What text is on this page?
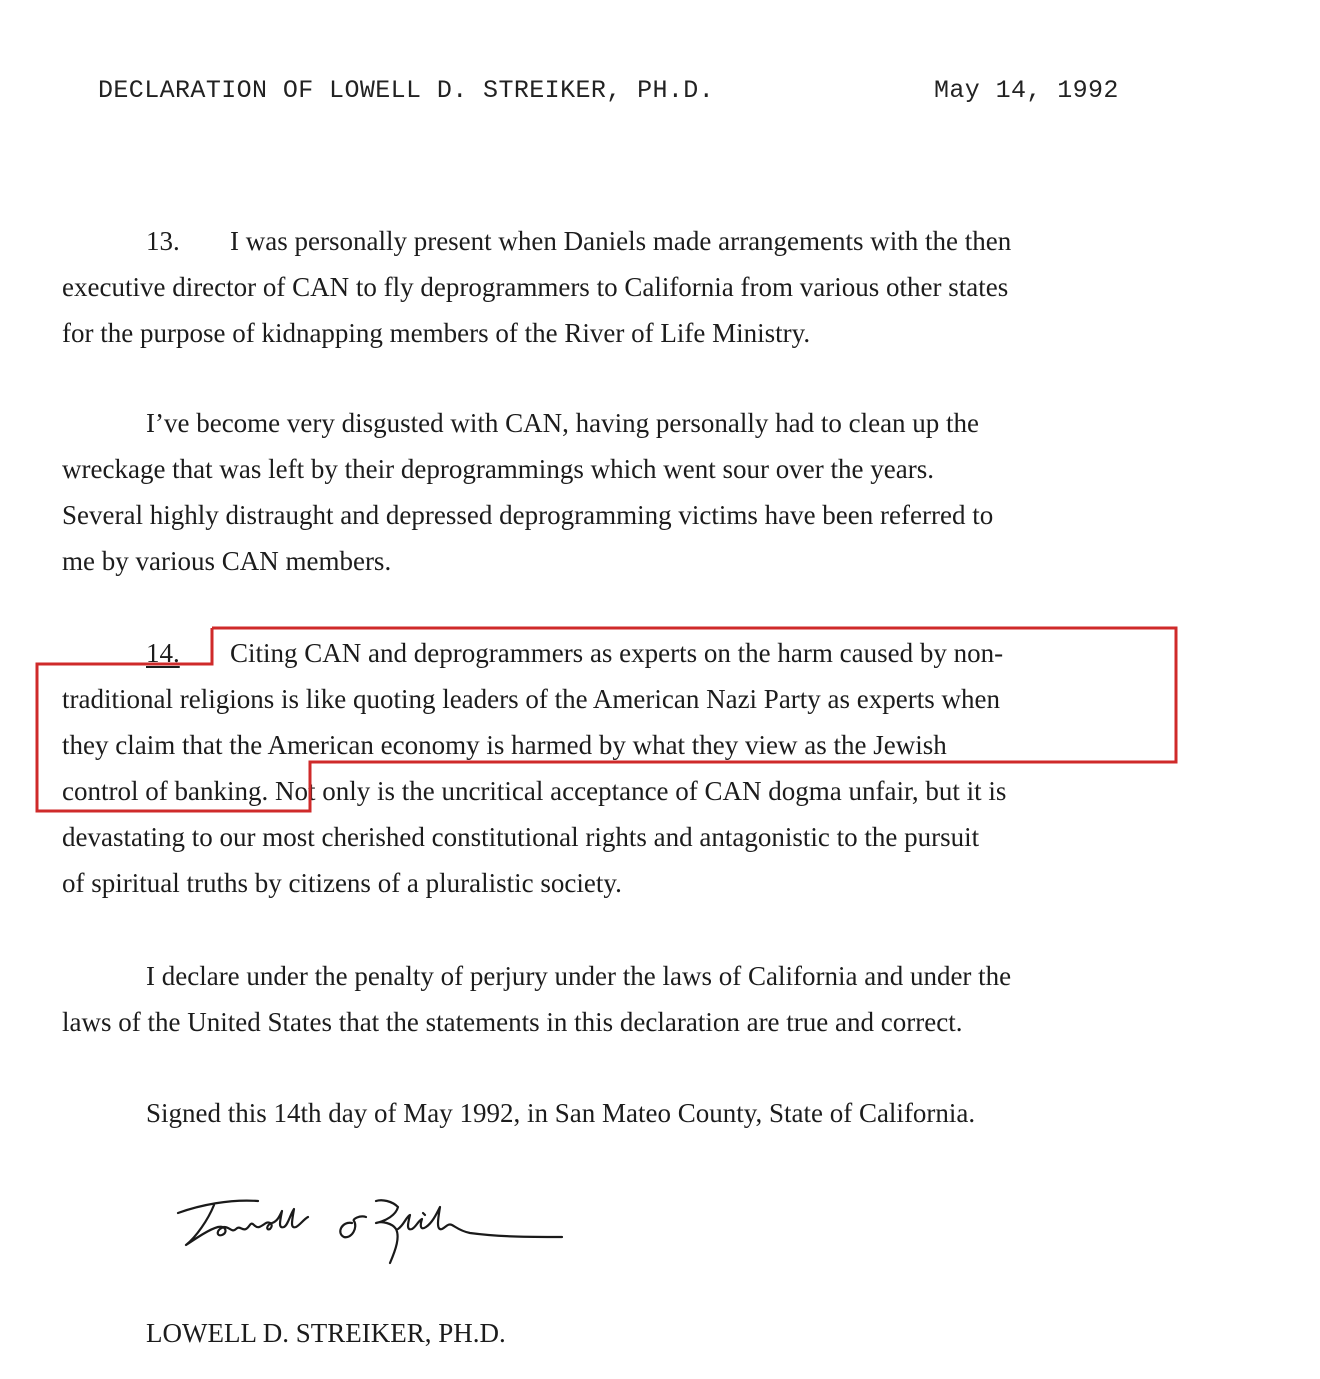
DECLARATION OF LOWELL D. STREIKER, PH.D.	May 14, 1992
13. I was personally present when Daniels made arrangements with the then
executive director of CAN to fly deprogrammers to California from various other states
for the purpose of kidnapping members of the River of Life Ministry.
I’ve become very disgusted with CAN, having personally had to clean up the
wreckage that was left by their deprogrammings which went sour over the years.
Several highly distraught and depressed deprogramming victims have been referred to
me by various CAN members.
14. Citing CAN and deprogrammers as experts on the harm caused by non-
traditional religions is like quoting leaders of the American Nazi Party as experts when
they claim that the American economy is harmed by what they view as the Jewish
control of banking. Not only is the uncritical acceptance of CAN dogma unfair, but it is
devastating to our most cherished constitutional rights and antagonistic to the pursuit
of spiritual truths by citizens of a pluralistic society.
I declare under the penalty of perjury under the laws of California and under the
laws of the United States that the statements in this declaration are true and correct.
Signed this 14th day of May 1992, in San Mateo County, State of California.
LOWELL D. STREIKER, PH.D.
